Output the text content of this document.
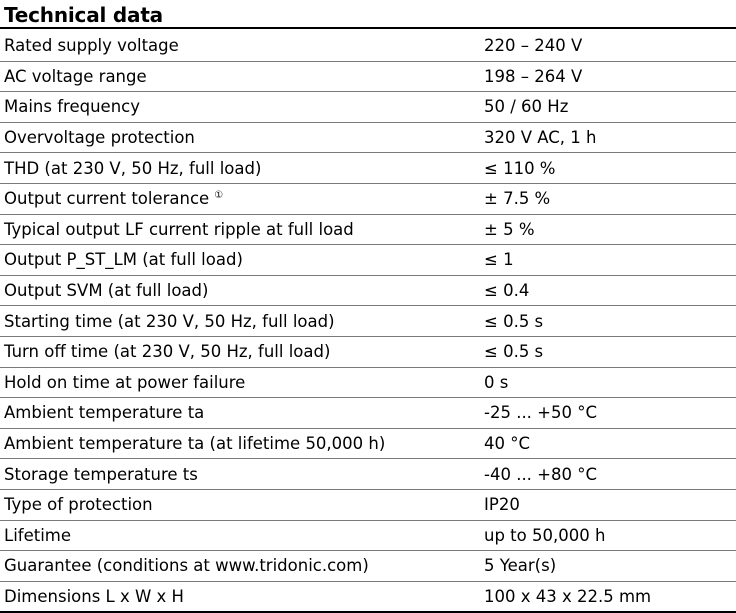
Technical data
Rated supply voltage	220 – 240 V
AC voltage range	198 – 264 V
Mains frequency	50 / 60 Hz
Overvoltage protection	320 V AC, 1 h
THD (at 230 V, 50 Hz, full load)	≤ 110 %
Output current tolerance ①	± 7.5 %
Typical output LF current ripple at full load	± 5 %
Output P_ST_LM (at full load)	≤ 1
Output SVM (at full load)	≤ 0.4
Starting time (at 230 V, 50 Hz, full load)	≤ 0.5 s
Turn off time (at 230 V, 50 Hz, full load)	≤ 0.5 s
Hold on time at power failure	0 s
Ambient temperature ta	-25 ... +50 °C
Ambient temperature ta (at lifetime 50,000 h)	40 °C
Storage temperature ts	-40 ... +80 °C
Type of protection	IP20
Lifetime	up to 50,000 h
Guarantee (conditions at www.tridonic.com)	5 Year(s)
Dimensions L x W x H	100 x 43 x 22.5 mm
